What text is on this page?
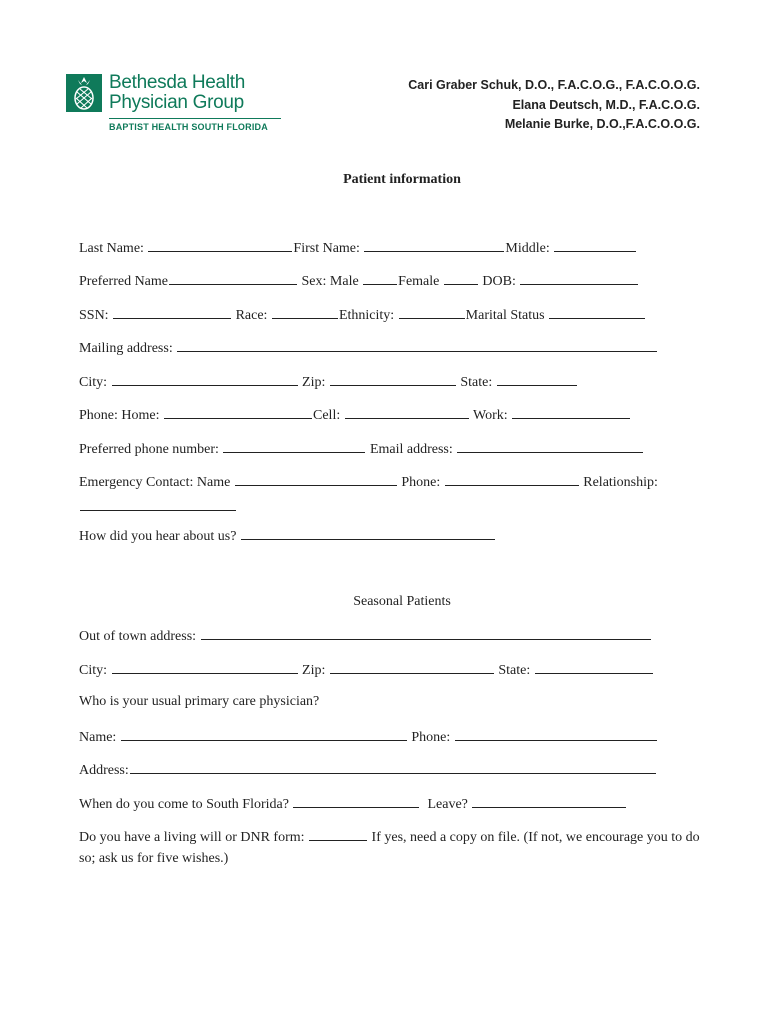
Bethesda Health
Physician Group
BAPTIST HEALTH SOUTH FLORIDA
Cari Graber Schuk, D.O., F.A.C.O.G., F.A.C.O.O.G.
Elana Deutsch, M.D., F.A.C.O.G.
Melanie Burke, D.O.,F.A.C.O.O.G.
Patient information
Last Name:	First Name:	Middle:
Preferred Name	Sex: Male	Female	DOB:
SSN:	Race:	Ethnicity:	Marital Status
Mailing address:
City:	Zip:	State:
Phone: Home:	Cell:	Work:
Preferred phone number:	Email address:
Emergency Contact: Name	Phone:	Relationship:
How did you hear about us?
Seasonal Patients
Out of town address:
City:	Zip:	State:
Who is your usual primary care physician?
Name:	Phone:
Address:
When do you come to South Florida?	Leave?
Do you have a living will or DNR form:	If yes, need a copy on file. (If not, we encourage you to do so; ask us for five wishes.)
